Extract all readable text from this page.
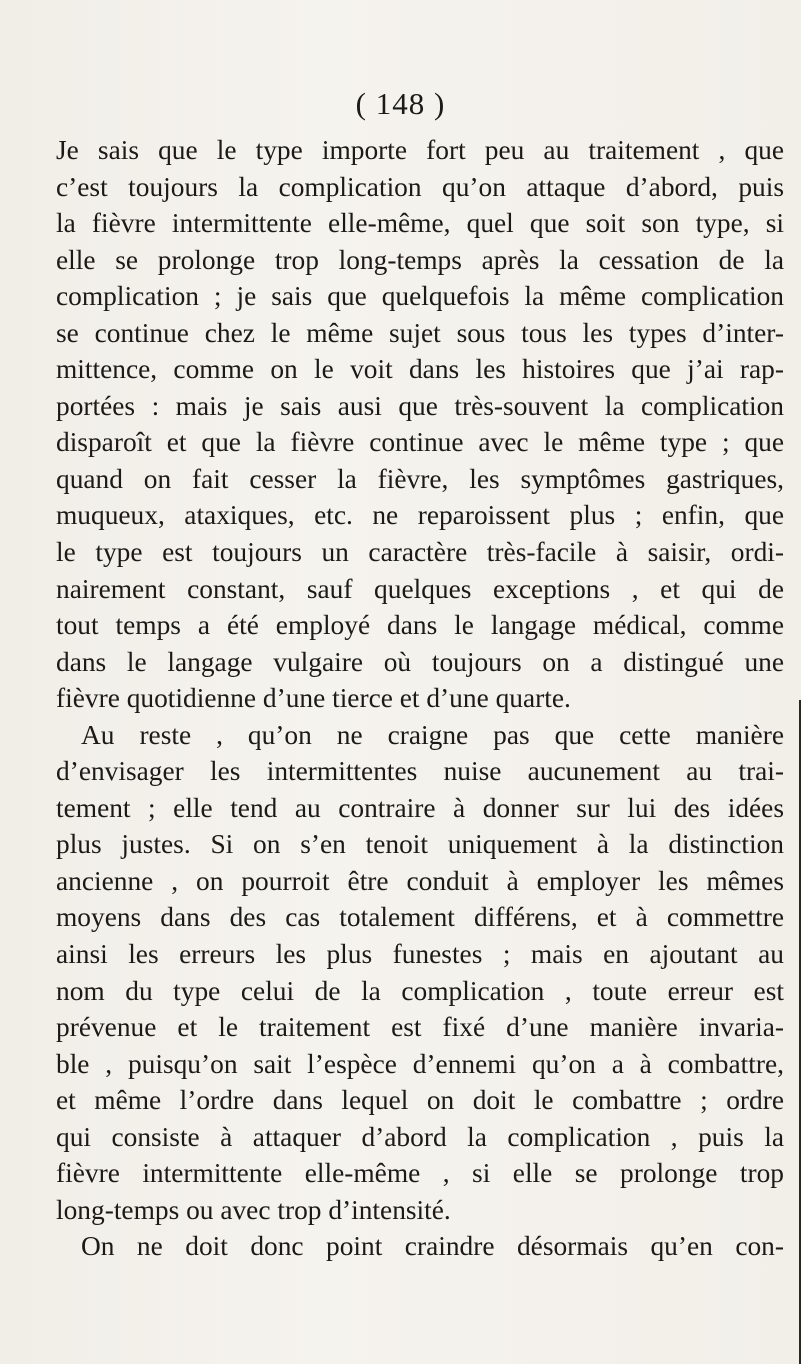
( 148 )
Je sais que le type importe fort peu au traitement , que
c’est toujours la complication qu’on attaque d’abord, puis
la fièvre intermittente elle-même, quel que soit son type, si
elle se prolonge trop long-temps après la cessation de la
complication ; je sais que quelquefois la même complication
se continue chez le même sujet sous tous les types d’inter-
mittence, comme on le voit dans les histoires que j’ai rap-
portées : mais je sais ausi que très-souvent la complication
disparoît et que la fièvre continue avec le même type ; que
quand on fait cesser la fièvre, les symptômes gastriques,
muqueux, ataxiques, etc. ne reparoissent plus ; enfin, que
le type est toujours un caractère très-facile à saisir, ordi-
nairement constant, sauf quelques exceptions , et qui de
tout temps a été employé dans le langage médical, comme
dans le langage vulgaire où toujours on a distingué une
fièvre quotidienne d’une tierce et d’une quarte.
Au reste , qu’on ne craigne pas que cette manière
d’envisager les intermittentes nuise aucunement au trai-
tement ; elle tend au contraire à donner sur lui des idées
plus justes. Si on s’en tenoit uniquement à la distinction
ancienne , on pourroit être conduit à employer les mêmes
moyens dans des cas totalement différens, et à commettre
ainsi les erreurs les plus funestes ; mais en ajoutant au
nom du type celui de la complication , toute erreur est
prévenue et le traitement est fixé d’une manière invaria-
ble , puisqu’on sait l’espèce d’ennemi qu’on a à combattre,
et même l’ordre dans lequel on doit le combattre ; ordre
qui consiste à attaquer d’abord la complication , puis la
fièvre intermittente elle-même , si elle se prolonge trop
long-temps ou avec trop d’intensité.
On ne doit donc point craindre désormais qu’en con-
